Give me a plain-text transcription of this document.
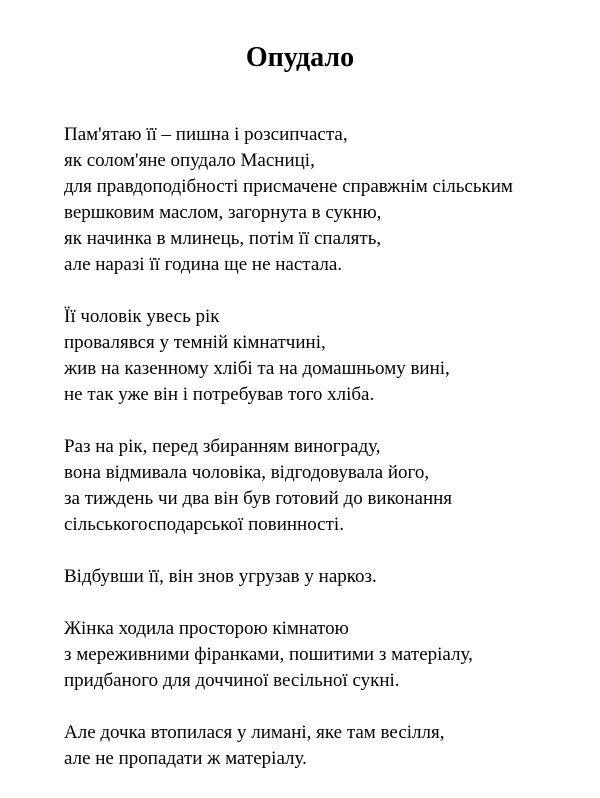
Опудало
Пам'ятаю її – пишна і розсипчаста,
як солом'яне опудало Масниці,
для правдоподібності присмачене справжнім сільським
вершковим маслом, загорнута в сукню,
як начинка в млинець, потім її спалять,
але наразі її година ще не настала.
Її чоловік увесь рік
провалявся у темній кімнатчині,
жив на казенному хлібі та на домашньому вині,
не так уже він і потребував того хліба.
Раз на рік, перед збиранням винограду,
вона відмивала чоловіка, відгодовувала його,
за тиждень чи два він був готовий до виконання
сільськогосподарської повинності.
Відбувши її, він знов угрузав у наркоз.
Жінка ходила просторою кімнатою
з мереживними фіранками, пошитими з матеріалу,
придбаного для доччиної весільної сукні.
Але дочка втопилася у лимані, яке там весілля,
але не пропадати ж матеріалу.
